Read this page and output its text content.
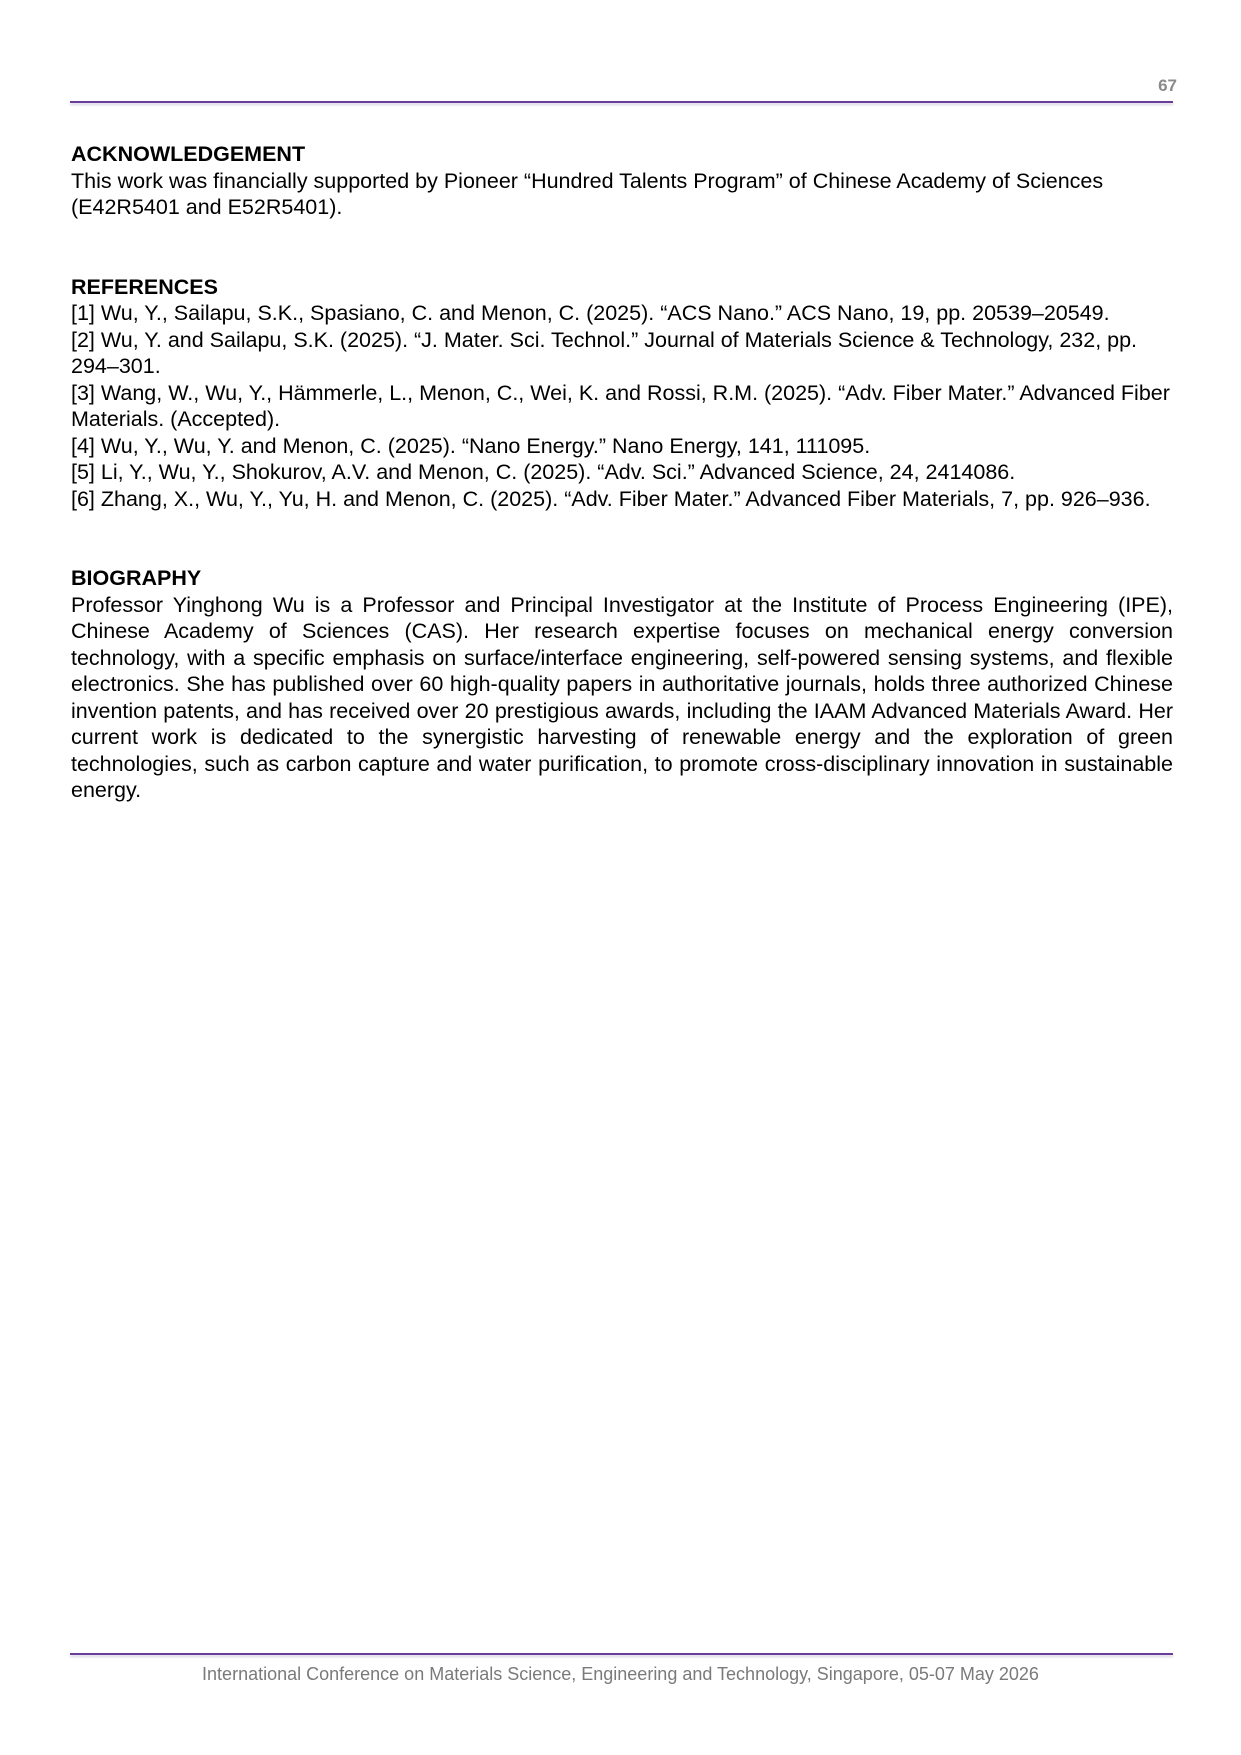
67
ACKNOWLEDGEMENT

This work was financially supported by Pioneer “Hundred Talents Program” of Chinese Academy of Sciences (E42R5401 and E52R5401).

REFERENCES

[1] Wu, Y., Sailapu, S.K., Spasiano, C. and Menon, C. (2025). “ACS Nano.” ACS Nano, 19, pp. 20539–20549.

[2] Wu, Y. and Sailapu, S.K. (2025). “J. Mater. Sci. Technol.” Journal of Materials Science & Technology, 232, pp. 294–301.

[3] Wang, W., Wu, Y., Hämmerle, L., Menon, C., Wei, K. and Rossi, R.M. (2025). “Adv. Fiber Mater.” Advanced Fiber Materials. (Accepted).

[4] Wu, Y., Wu, Y. and Menon, C. (2025). “Nano Energy.” Nano Energy, 141, 111095.

[5] Li, Y., Wu, Y., Shokurov, A.V. and Menon, C. (2025). “Adv. Sci.” Advanced Science, 24, 2414086.

[6] Zhang, X., Wu, Y., Yu, H. and Menon, C. (2025). “Adv. Fiber Mater.” Advanced Fiber Materials, 7, pp. 926–936.

BIOGRAPHY

Professor Yinghong Wu is a Professor and Principal Investigator at the Institute of Process Engineering (IPE), Chinese Academy of Sciences (CAS). Her research expertise focuses on mechanical energy conversion technology, with a specific emphasis on surface/interface engineering, self-powered sensing systems, and flexible electronics. She has published over 60 high-quality papers in authoritative journals, holds three authorized Chinese invention patents, and has received over 20 prestigious awards, including the IAAM Advanced Materials Award. Her current work is dedicated to the synergistic harvesting of renewable energy and the exploration of green technologies, such as carbon capture and water purification, to promote cross-disciplinary innovation in sustainable energy.

International Conference on Materials Science, Engineering and Technology, Singapore, 05-07 May 2026
